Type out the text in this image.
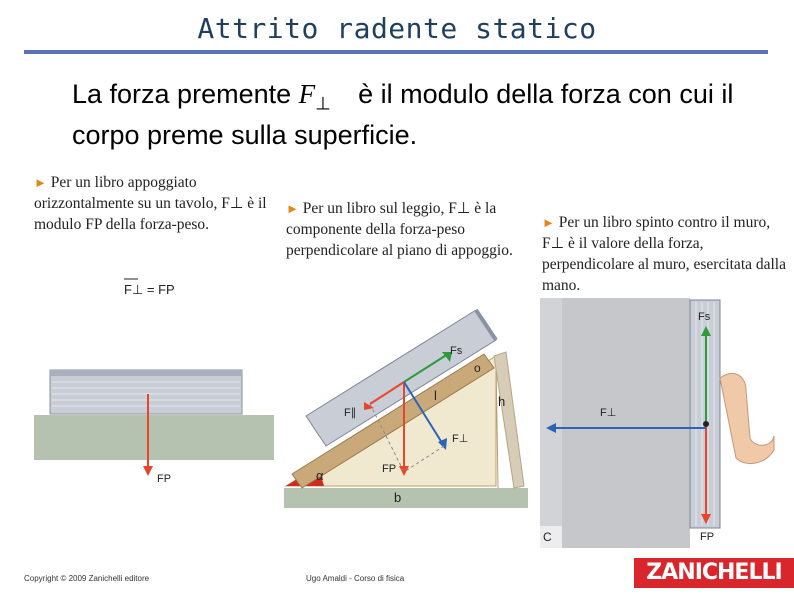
Attrito radente statico
La forza premente $F_\perp$ è il modulo della forza con cui il corpo preme sulla superficie.
► Per un libro appoggiato orizzontalmente su un tavolo, F⊥ è il modulo FP della forza-peso.
► Per un libro sul leggio, F⊥ è la componente della forza-peso perpendicolare al piano di appoggio.
► Per un libro spinto contro il muro, F⊥ è il valore della forza, perpendicolare al muro, esercitata dalla mano.
F⊥ = FP
FP
Fs
F∥
F⊥
FP
l	h
b
α
o
Fs
F⊥
FP
C
Copyright © 2009 Zanichelli editore	Ugo Amaldi - Corso di fisica	ZANICHELLI
